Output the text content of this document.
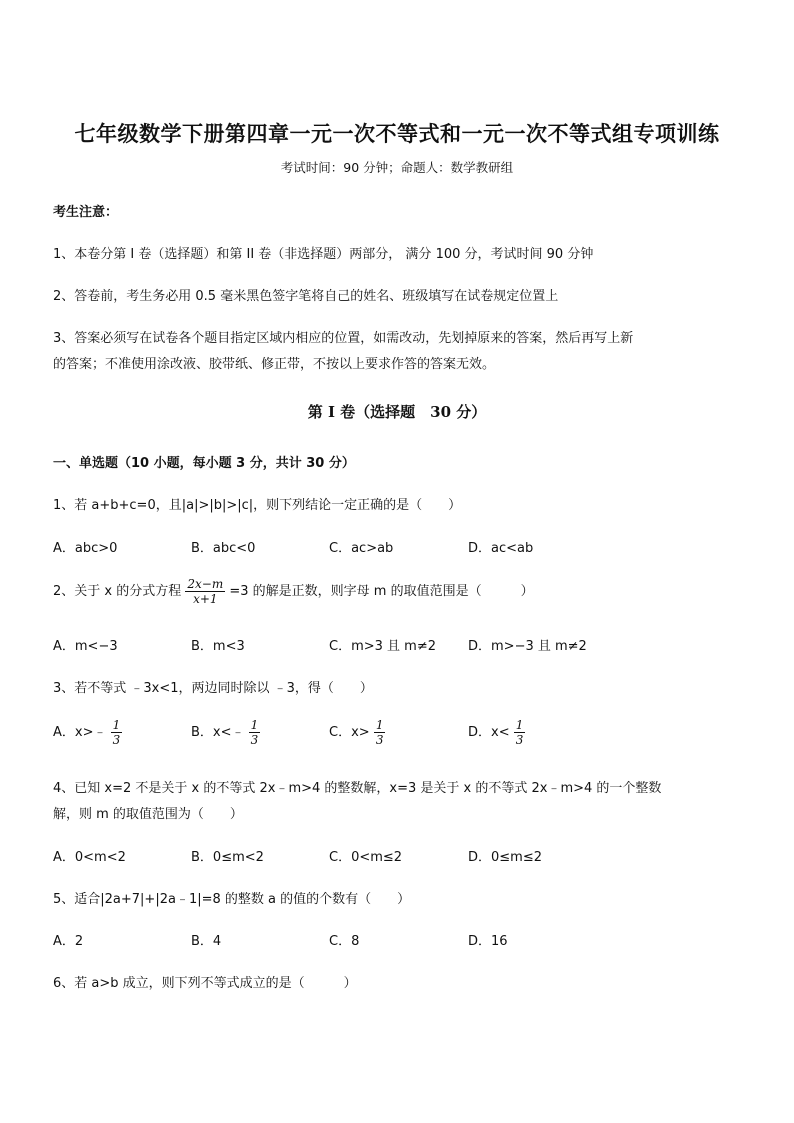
七年级数学下册第四章一元一次不等式和一元一次不等式组专项训练
考试时间：90 分钟；命题人：数学教研组
考生注意：
1、本卷分第 I 卷（选择题）和第 II 卷（非选择题）两部分， 满分 100 分，考试时间 90 分钟
2、答卷前，考生务必用 0.5 毫米黑色签字笔将自己的姓名、班级填写在试卷规定位置上
3、答案必须写在试卷各个题目指定区域内相应的位置，如需改动，先划掉原来的答案，然后再写上新
的答案；不准使用涂改液、胶带纸、修正带，不按以上要求作答的答案无效。
第 I 卷（选择题　30 分）
一、单选题（10 小题，每小题 3 分，共计 30 分）
1、若 a+b+c=0，且|a|>|b|>|c|，则下列结论一定正确的是（　　）
A．abc>0	B．abc<0	C．ac>ab	D．ac<ab
2、关于 x 的分式方程 $\frac{2x-m}{x+1} =3$ 的解是正数，则字母 m 的取值范围是（　　　）
A．m<−3	B．m<3	C．m>3 且 m≠2 D．m>−3 且 m≠2
3、若不等式 ﹣3x<1，两边同时除以 ﹣3，得（　　）
A．x>﹣ $\frac{1}{3}$	B．x<﹣ $\frac{1}{3}$	C．$x> \frac{1}{3}$	D．$x< \frac{1}{3}$
4、已知 x=2 不是关于 x 的不等式 2x﹣m>4 的整数解，x=3 是关于 x 的不等式 2x﹣m>4 的一个整数
解，则 m 的取值范围为（　　）
A．0<m<2	B．0≤m<2	C．0<m≤2	D．0≤m≤2
5、适合|2a+7|+|2a﹣1|=8 的整数 a 的值的个数有（　　）
A．2	B．4	C．8	D．16
6、若 a>b 成立，则下列不等式成立的是（　　　）
